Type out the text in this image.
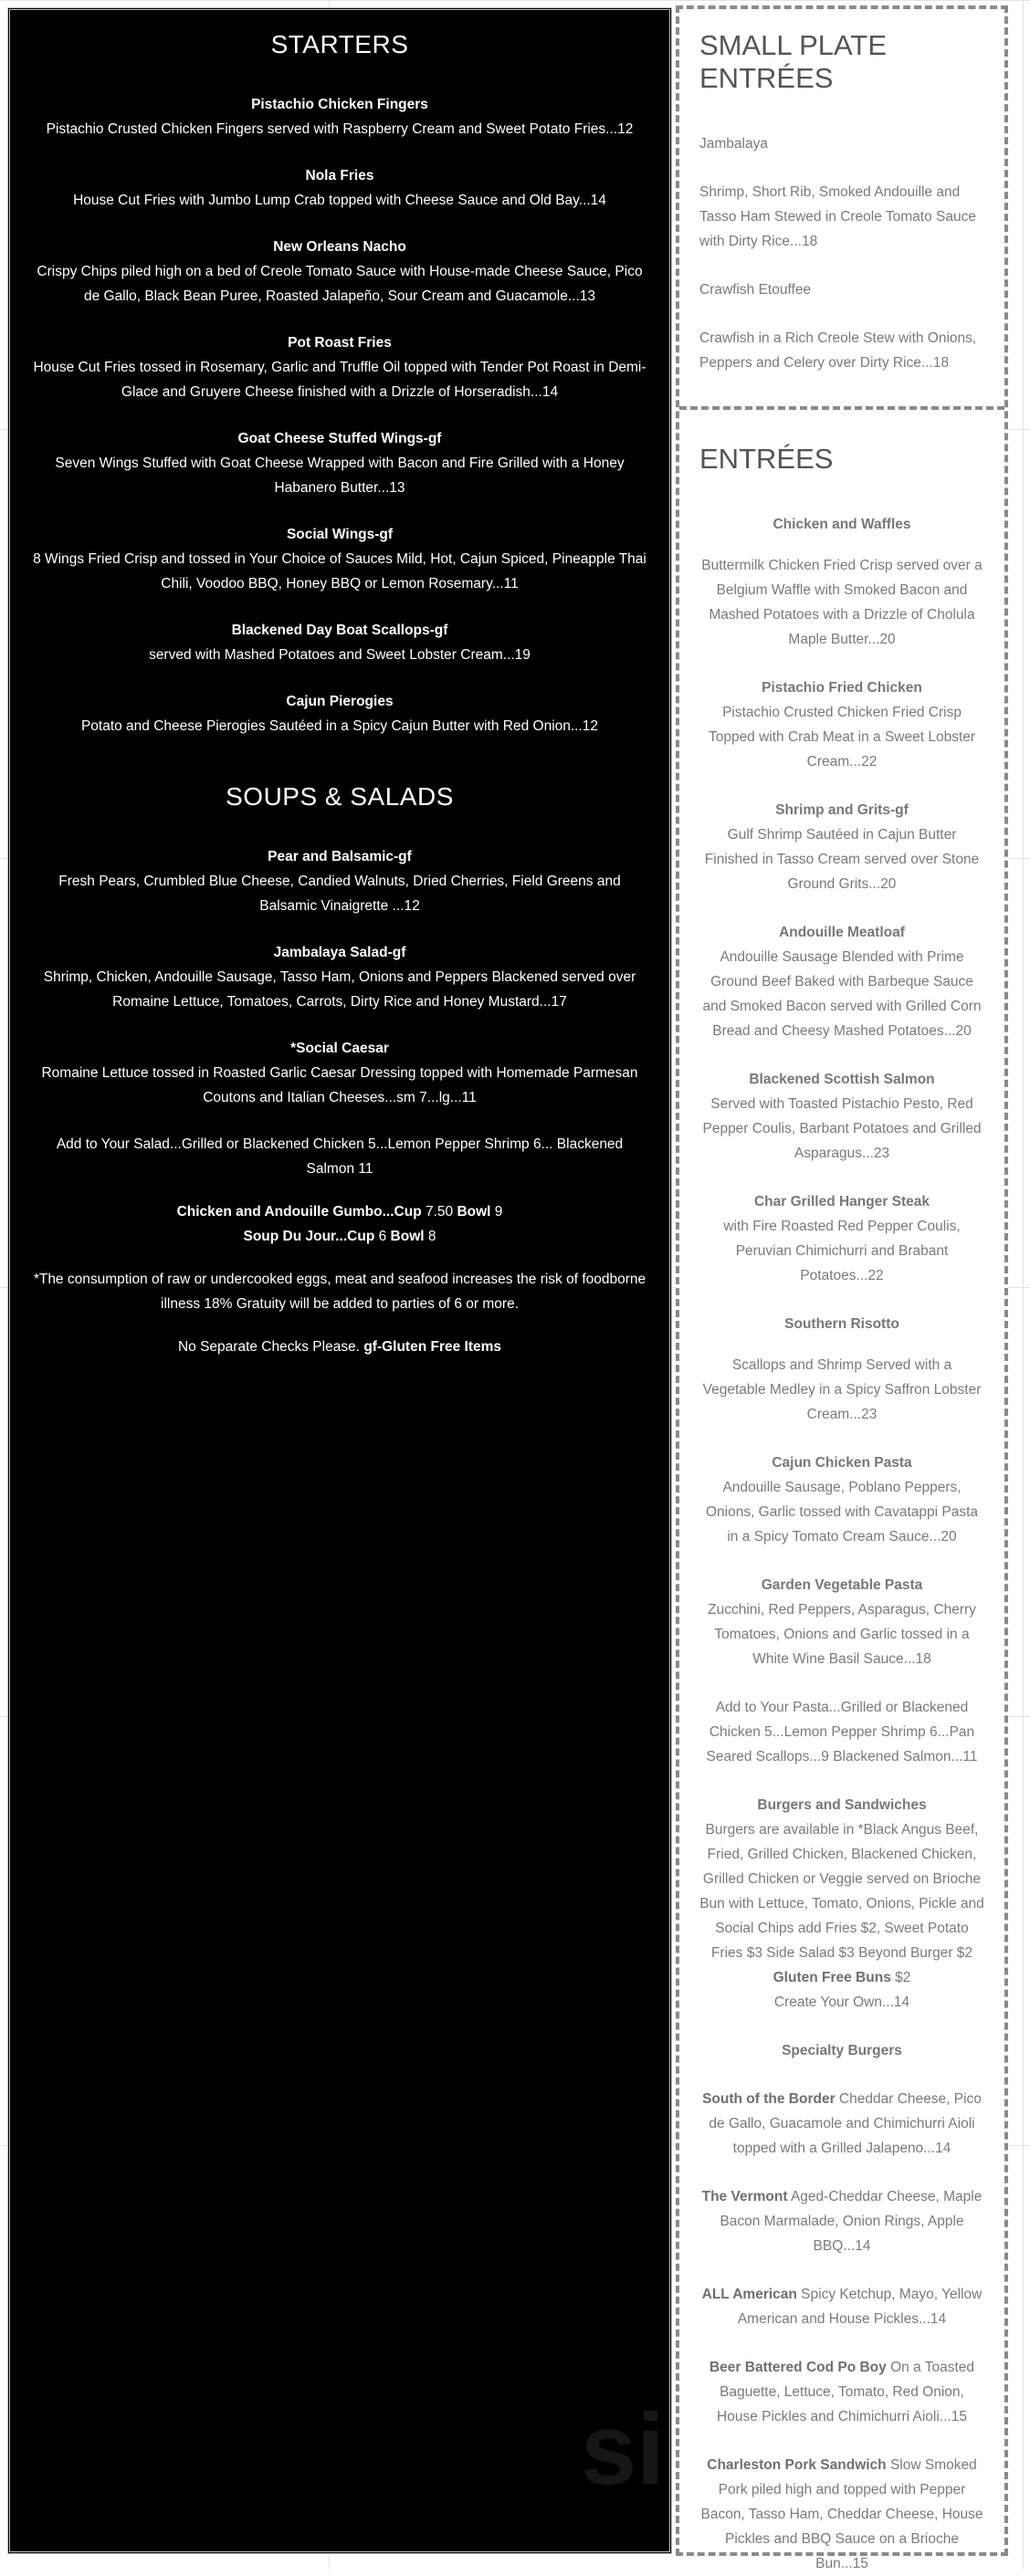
STARTERS
Pistachio Chicken Fingers
Pistachio Crusted Chicken Fingers served with Raspberry Cream and Sweet Potato Fries...12
Nola Fries
House Cut Fries with Jumbo Lump Crab topped with Cheese Sauce and Old Bay...14
New Orleans Nacho
Crispy Chips piled high on a bed of Creole Tomato Sauce with House-made Cheese Sauce, Pico de Gallo, Black Bean Puree, Roasted Jalapeño, Sour Cream and Guacamole...13
Pot Roast Fries
House Cut Fries tossed in Rosemary, Garlic and Truffle Oil topped with Tender Pot Roast in Demi-Glace and Gruyere Cheese finished with a Drizzle of Horseradish...14
Goat Cheese Stuffed Wings-gf
Seven Wings Stuffed with Goat Cheese Wrapped with Bacon and Fire Grilled with a Honey Habanero Butter...13
Social Wings-gf
8 Wings Fried Crisp and tossed in Your Choice of Sauces Mild, Hot, Cajun Spiced, Pineapple Thai Chili, Voodoo BBQ, Honey BBQ or Lemon Rosemary...11
Blackened Day Boat Scallops-gf
served with Mashed Potatoes and Sweet Lobster Cream...19
Cajun Pierogies
Potato and Cheese Pierogies Sautéed in a Spicy Cajun Butter with Red Onion...12
SOUPS & SALADS
Pear and Balsamic-gf
Fresh Pears, Crumbled Blue Cheese, Candied Walnuts, Dried Cherries, Field Greens and Balsamic Vinaigrette ...12
Jambalaya Salad-gf
Shrimp, Chicken, Andouille Sausage, Tasso Ham, Onions and Peppers Blackened served over Romaine Lettuce, Tomatoes, Carrots, Dirty Rice and Honey Mustard...17
*Social Caesar
Romaine Lettuce tossed in Roasted Garlic Caesar Dressing topped with Homemade Parmesan
Coutons and Italian Cheeses...sm 7...lg...11

Add to Your Salad...Grilled or Blackened Chicken 5...Lemon Pepper Shrimp 6... Blackened Salmon 11

Chicken and Andouille Gumbo...Cup 7.50 Bowl 9
Soup Du Jour...Cup 6 Bowl 8

*The consumption of raw or undercooked eggs, meat and seafood increases the risk of foodborne illness 18% Gratuity will be added to parties of 6 or more.

No Separate Checks Please. gf-Gluten Free Items

SMALL PLATE ENTRÉES
Jambalaya
Shrimp, Short Rib, Smoked Andouille and Tasso Ham Stewed in Creole Tomato Sauce with Dirty Rice...18
Crawfish Etouffee
Crawfish in a Rich Creole Stew with Onions, Peppers and Celery over Dirty Rice...18
ENTRÉES
Chicken and Waffles
Buttermilk Chicken Fried Crisp served over a Belgium Waffle with Smoked Bacon and Mashed Potatoes with a Drizzle of Cholula Maple Butter...20
Pistachio Fried Chicken
Pistachio Crusted Chicken Fried Crisp Topped with Crab Meat in a Sweet Lobster Cream...22
Shrimp and Grits-gf
Gulf Shrimp Sautéed in Cajun Butter Finished in Tasso Cream served over Stone Ground Grits...20
Andouille Meatloaf
Andouille Sausage Blended with Prime Ground Beef Baked with Barbeque Sauce and Smoked Bacon served with Grilled Corn Bread and Cheesy Mashed Potatoes...20
Blackened Scottish Salmon
Served with Toasted Pistachio Pesto, Red Pepper Coulis, Barbant Potatoes and Grilled Asparagus...23
Char Grilled Hanger Steak
with Fire Roasted Red Pepper Coulis, Peruvian Chimichurri and Brabant Potatoes...22
Southern Risotto
Scallops and Shrimp Served with a Vegetable Medley in a Spicy Saffron Lobster Cream...23
Cajun Chicken Pasta
Andouille Sausage, Poblano Peppers, Onions, Garlic tossed with Cavatappi Pasta in a Spicy Tomato Cream Sauce...20
Garden Vegetable Pasta
Zucchini, Red Peppers, Asparagus, Cherry Tomatoes, Onions and Garlic tossed in a White Wine Basil Sauce...18
Add to Your Pasta...Grilled or Blackened Chicken 5...Lemon Pepper Shrimp 6...Pan Seared Scallops...9 Blackened Salmon...11
Burgers and Sandwiches
Burgers are available in *Black Angus Beef, Fried, Grilled Chicken, Blackened Chicken, Grilled Chicken or Veggie served on Brioche Bun with Lettuce, Tomato, Onions, Pickle and Social Chips add Fries $2, Sweet Potato Fries $3 Side Salad $3 Beyond Burger $2 Gluten Free Buns $2
Create Your Own...14
Specialty Burgers
South of the Border Cheddar Cheese, Pico de Gallo, Guacamole and Chimichurri Aioli topped with a Grilled Jalapeno...14
The Vermont Aged-Cheddar Cheese, Maple Bacon Marmalade, Onion Rings, Apple BBQ...14
ALL American Spicy Ketchup, Mayo, Yellow American and House Pickles...14
Beer Battered Cod Po Boy On a Toasted Baguette, Lettuce, Tomato, Red Onion, House Pickles and Chimichurri Aioli...15
Charleston Pork Sandwich Slow Smoked Pork piled high and topped with Pepper Bacon, Tasso Ham, Cheddar Cheese, House Pickles and BBQ Sauce on a Brioche Bun...15
si
